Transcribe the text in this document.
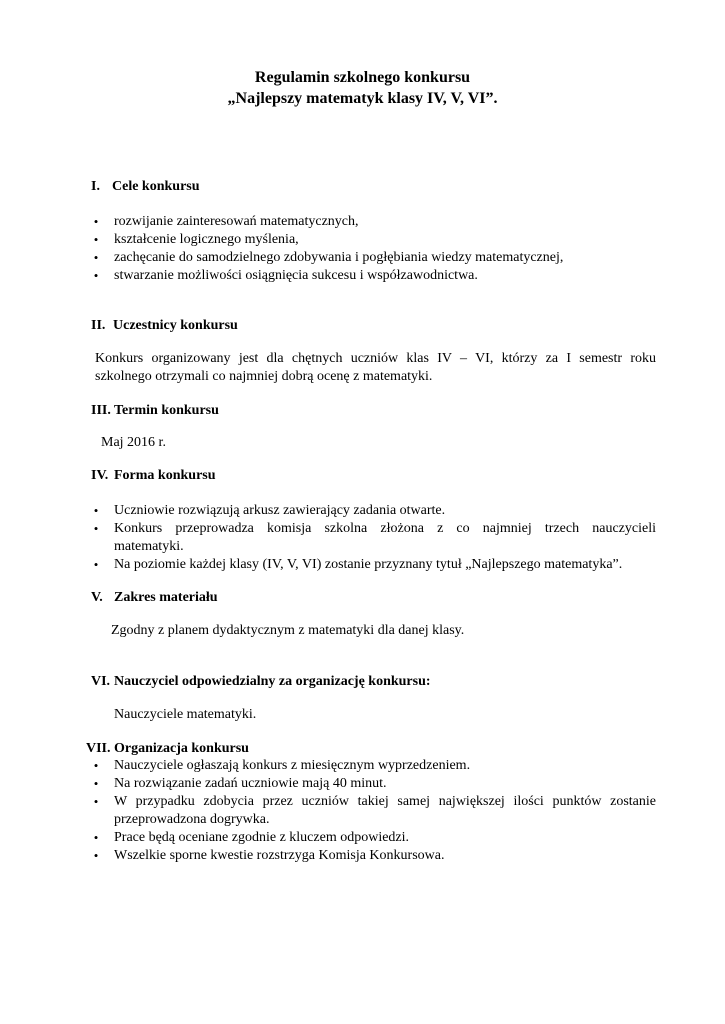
Regulamin szkolnego konkursu
„Najlepszy matematyk klasy IV, V, VI”.
I. Cele konkursu
• rozwijanie zainteresowań matematycznych,
• kształcenie logicznego myślenia,
• zachęcanie do samodzielnego zdobywania i pogłębiania wiedzy matematycznej,
• stwarzanie możliwości osiągnięcia sukcesu i współzawodnictwa.
II. Uczestnicy konkursu
Konkurs organizowany jest dla chętnych uczniów klas IV – VI, którzy za I semestr roku
szkolnego otrzymali co najmniej dobrą ocenę z matematyki.
III. Termin konkursu
Maj 2016 r.
IV. Forma konkursu
• Uczniowie rozwiązują arkusz zawierający zadania otwarte.
• Konkurs przeprowadza komisja szkolna złożona z co najmniej trzech nauczycieli
matematyki.
• Na poziomie każdej klasy (IV, V, VI) zostanie przyznany tytuł „Najlepszego matematyka”.
V. Zakres materiału
Zgodny z planem dydaktycznym z matematyki dla danej klasy.
VI. Nauczyciel odpowiedzialny za organizację konkursu:
Nauczyciele matematyki.
VII. Organizacja konkursu
• Nauczyciele ogłaszają konkurs z miesięcznym wyprzedzeniem.
• Na rozwiązanie zadań uczniowie mają 40 minut.
• W przypadku zdobycia przez uczniów takiej samej największej ilości punktów zostanie
przeprowadzona dogrywka.
• Prace będą oceniane zgodnie z kluczem odpowiedzi.
• Wszelkie sporne kwestie rozstrzyga Komisja Konkursowa.
